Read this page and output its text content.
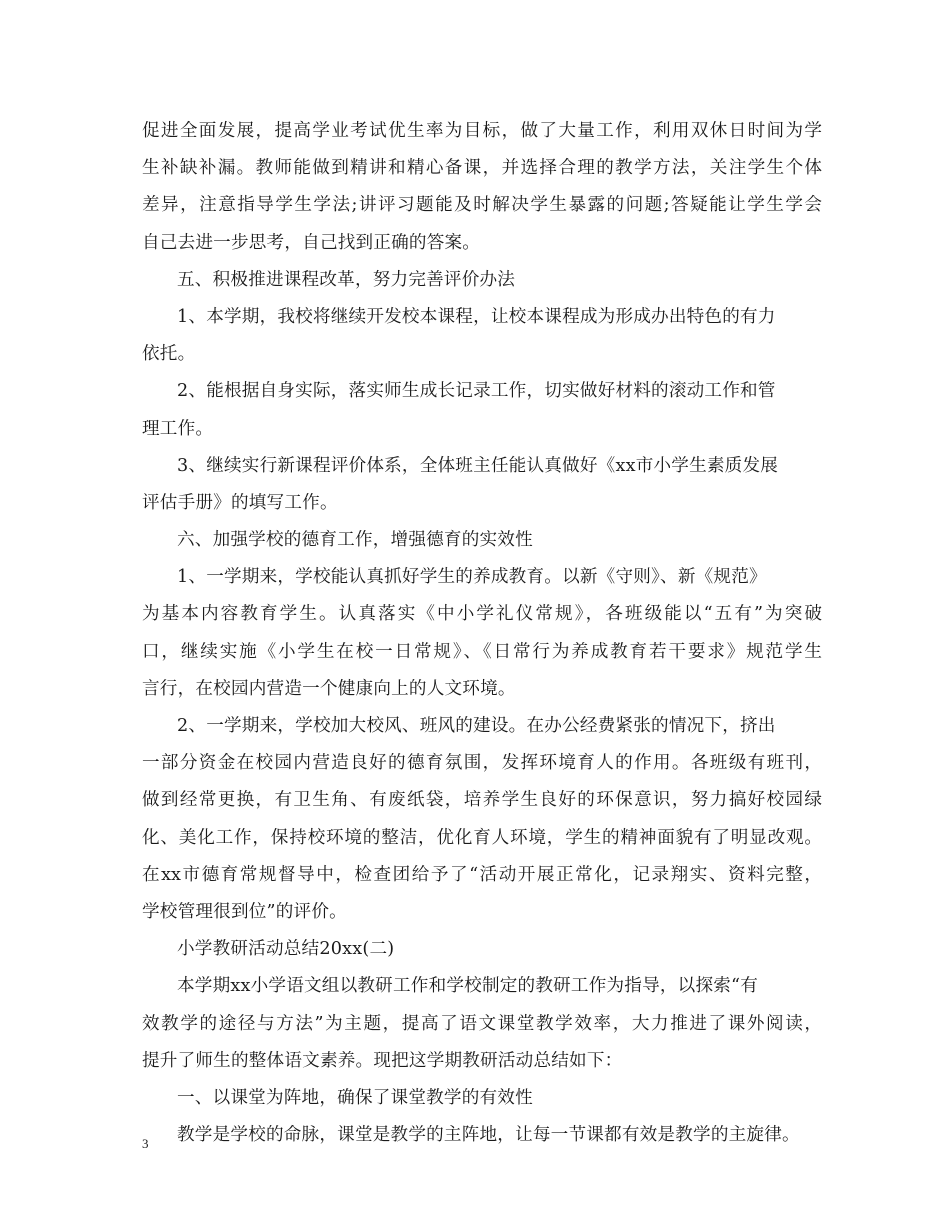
促进全面发展，提高学业考试优生率为目标，做了大量工作，利用双休日时间为学
生补缺补漏。教师能做到精讲和精心备课，并选择合理的教学方法，关注学生个体
差异，注意指导学生学法;讲评习题能及时解决学生暴露的问题;答疑能让学生学会
自己去进一步思考，自己找到正确的答案。
五、积极推进课程改革，努力完善评价办法
1、本学期，我校将继续开发校本课程，让校本课程成为形成办出特色的有力
依托。
2、能根据自身实际，落实师生成长记录工作，切实做好材料的滚动工作和管
理工作。
3、继续实行新课程评价体系，全体班主任能认真做好《xx市小学生素质发展
评估手册》的填写工作。
六、加强学校的德育工作，增强德育的实效性
1、一学期来，学校能认真抓好学生的养成教育。以新《守则》、新《规范》
为基本内容教育学生。认真落实《中小学礼仪常规》，各班级能以“五有”为突破
口，继续实施《小学生在校一日常规》、《日常行为养成教育若干要求》规范学生
言行，在校园内营造一个健康向上的人文环境。
2、一学期来，学校加大校风、班风的建设。在办公经费紧张的情况下，挤出
一部分资金在校园内营造良好的德育氛围，发挥环境育人的作用。各班级有班刊，
做到经常更换，有卫生角、有废纸袋，培养学生良好的环保意识，努力搞好校园绿
化、美化工作，保持校环境的整洁，优化育人环境，学生的精神面貌有了明显改观。
在xx市德育常规督导中，检查团给予了“活动开展正常化，记录翔实、资料完整，
学校管理很到位”的评价。
小学教研活动总结20xx(二)
本学期xx小学语文组以教研工作和学校制定的教研工作为指导，以探索“有
效教学的途径与方法”为主题，提高了语文课堂教学效率，大力推进了课外阅读，
提升了师生的整体语文素养。现把这学期教研活动总结如下：
一、以课堂为阵地，确保了课堂教学的有效性
教学是学校的命脉，课堂是教学的主阵地，让每一节课都有效是教学的主旋律。
3
